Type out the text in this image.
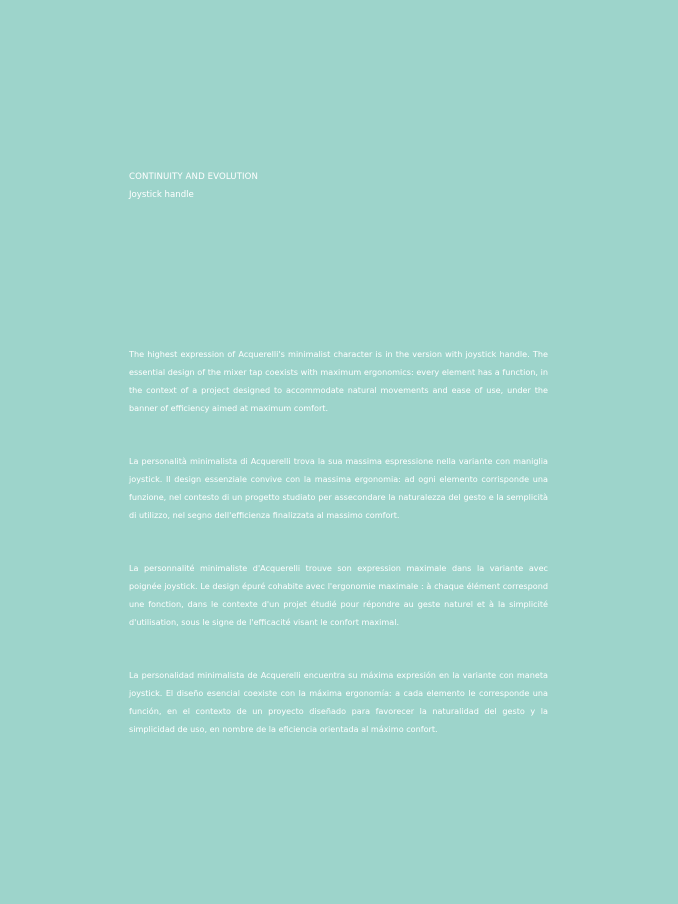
CONTINUITY AND EVOLUTION
Joystick handle

The highest expression of Acquerelli's minimalist character is in the version with joystick handle. The essential design of the mixer tap coexists with maximum ergonomics: every element has a function, in the context of a project designed to accommodate natural movements and ease of use, under the banner of efficiency aimed at maximum comfort.

La personalità minimalista di Acquerelli trova la sua massima espressione nella variante con maniglia joystick. Il design essenziale convive con la massima ergonomia: ad ogni elemento corrisponde una funzione, nel contesto di un progetto studiato per assecondare la naturalezza del gesto e la semplicità di utilizzo, nel segno dell'efficienza finalizzata al massimo comfort.

La personnalité minimaliste d'Acquerelli trouve son expression maximale dans la variante avec poignée joystick. Le design épuré cohabite avec l'ergonomie maximale : à chaque élément correspond une fonction, dans le contexte d'un projet étudié pour répondre au geste naturel et à la simplicité d'utilisation, sous le signe de l'efficacité visant le confort maximal.

La personalidad minimalista de Acquerelli encuentra su máxima expresión en la variante con maneta joystick. El diseño esencial coexiste con la máxima ergonomía: a cada elemento le corresponde una función, en el contexto de un proyecto diseñado para favorecer la naturalidad del gesto y la simplicidad de uso, en nombre de la eficiencia orientada al máximo confort.
